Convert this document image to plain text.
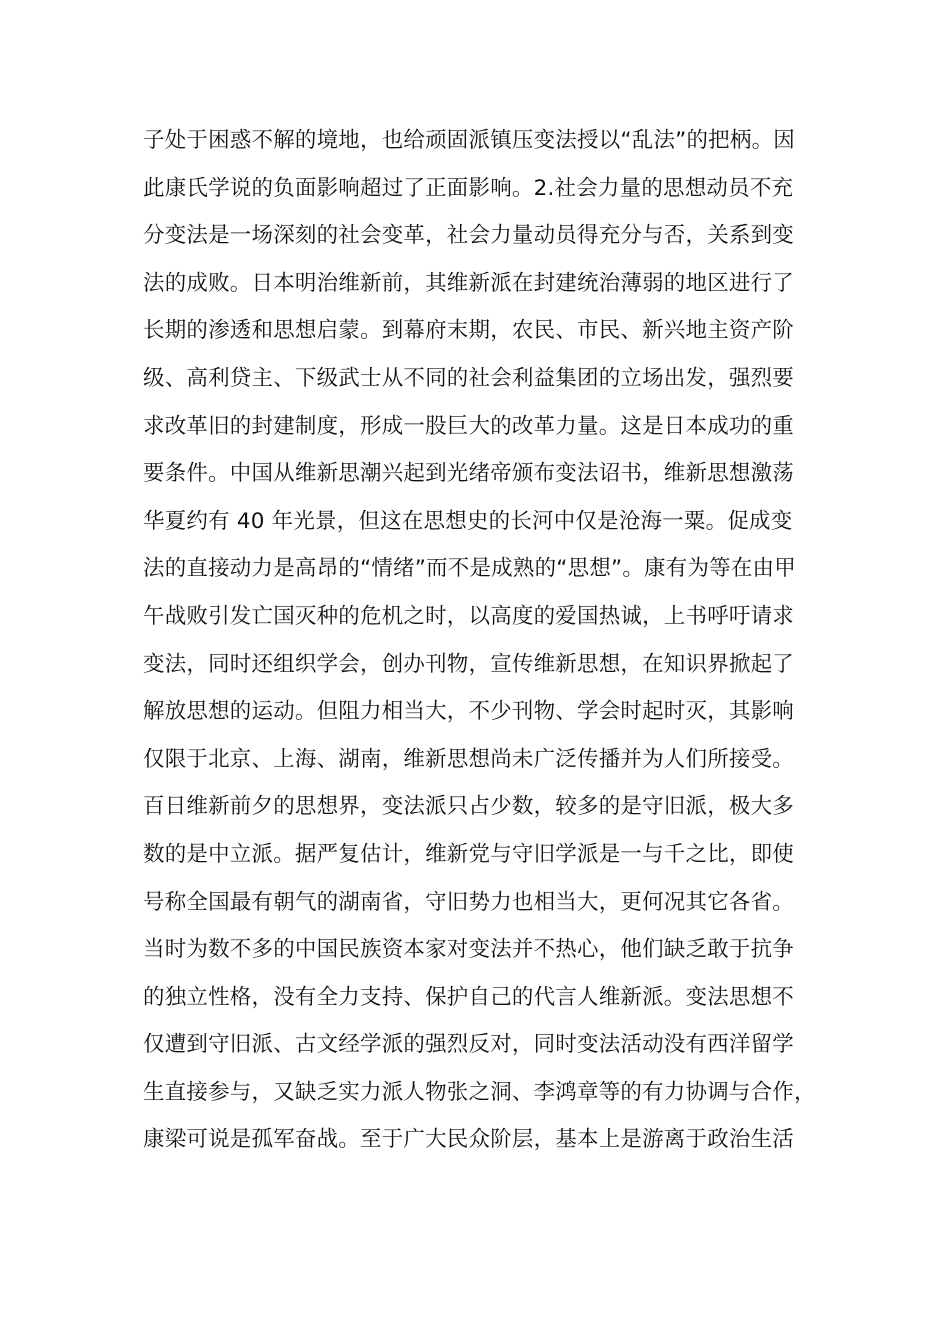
子处于困惑不解的境地，也给顽固派镇压变法授以“乱法”的把柄。因
此康氏学说的负面影响超过了正面影响。2.社会力量的思想动员不充
分变法是一场深刻的社会变革，社会力量动员得充分与否，关系到变
法的成败。日本明治维新前，其维新派在封建统治薄弱的地区进行了
长期的渗透和思想启蒙。到幕府末期，农民、市民、新兴地主资产阶
级、高利贷主、下级武士从不同的社会利益集团的立场出发，强烈要
求改革旧的封建制度，形成一股巨大的改革力量。这是日本成功的重
要条件。中国从维新思潮兴起到光绪帝颁布变法诏书，维新思想激荡
华夏约有 40 年光景，但这在思想史的长河中仅是沧海一粟。促成变
法的直接动力是高昂的“情绪”而不是成熟的“思想”。康有为等在由甲
午战败引发亡国灭种的危机之时，以高度的爱国热诚，上书呼吁请求
变法，同时还组织学会，创办刊物，宣传维新思想，在知识界掀起了
解放思想的运动。但阻力相当大，不少刊物、学会时起时灭，其影响
仅限于北京、上海、湖南，维新思想尚未广泛传播并为人们所接受。
百日维新前夕的思想界，变法派只占少数，较多的是守旧派，极大多
数的是中立派。据严复估计，维新党与守旧学派是一与千之比，即使
号称全国最有朝气的湖南省，守旧势力也相当大，更何况其它各省。
当时为数不多的中国民族资本家对变法并不热心，他们缺乏敢于抗争
的独立性格，没有全力支持、保护自己的代言人维新派。变法思想不
仅遭到守旧派、古文经学派的强烈反对，同时变法活动没有西洋留学
生直接参与，又缺乏实力派人物张之洞、李鸿章等的有力协调与合作，
康梁可说是孤军奋战。至于广大民众阶层，基本上是游离于政治生活
